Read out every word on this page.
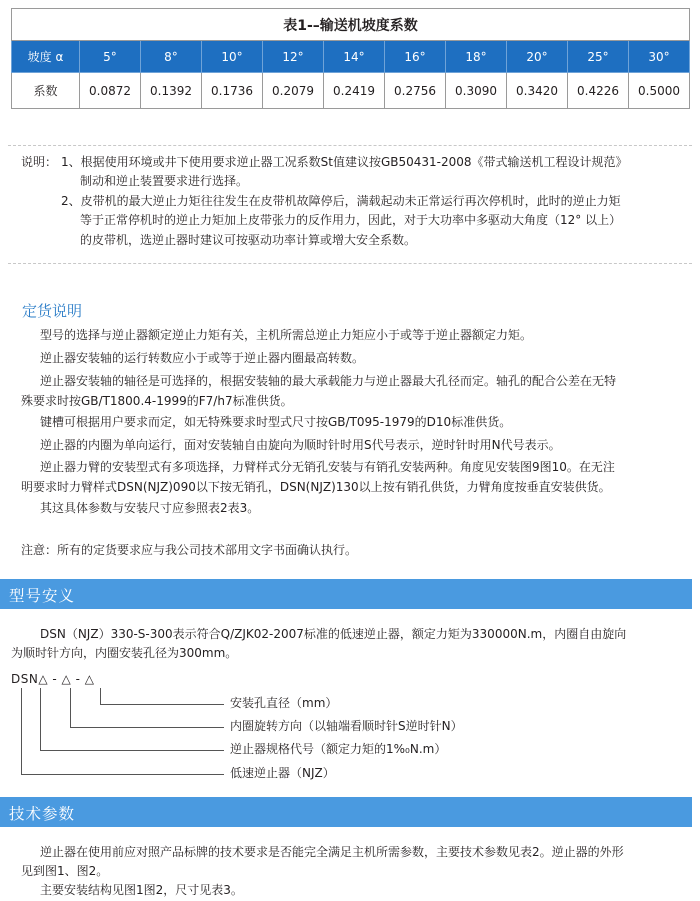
表1-–输送机坡度系数										
坡度 α	5°	8°	10°	12°	14°	16°	18°	20°	25°	30°
系数	0.0872	0.1392	0.1736	0.2079	0.2419	0.2756	0.3090	0.3420	0.4226	0.5000
说明： 1、根据使用环境或井下使用要求逆止器工况系数St值建议按GB50431-2008《带式输送机工程设计规范》
制动和逆止装置要求进行选择。
2、皮带机的最大逆止力矩往往发生在皮带机故障停后，满载起动未正常运行再次停机时，此时的逆止力矩
等于正常停机时的逆止力矩加上皮带张力的反作用力，因此，对于大功率中多驱动大角度（12° 以上）
的皮带机，选逆止器时建议可按驱动功率计算或增大安全系数。
定货说明
型号的选择与逆止器额定逆止力矩有关，主机所需总逆止力矩应小于或等于逆止器额定力矩。
逆止器安装轴的运行转数应小于或等于逆止器内圈最高转数。
逆止器安装轴的轴径是可选择的，根据安装轴的最大承载能力与逆止器最大孔径而定。轴孔的配合公差在无特
殊要求时按GB/T1800.4-1999的F7/h7标准供货。
键槽可根据用户要求而定，如无特殊要求时型式尺寸按GB/T095-1979的D10标准供货。
逆止器的内圈为单向运行，面对安装轴自由旋向为顺时针时用S代号表示，逆时针时用N代号表示。
逆止器力臂的安装型式有多项选择，力臂样式分无销孔安装与有销孔安装两种。角度见安装图9图10。在无注
明要求时力臂样式DSN(NJZ)090以下按无销孔，DSN(NJZ)130以上按有销孔供货，力臂角度按垂直安装供货。
其这具体参数与安装尺寸应参照表2表3。
注意：所有的定货要求应与我公司技术部用文字书面确认执行。
型号安义
DSN（NJZ）330-S-300表示符合Q/ZJK02-2007标准的低速逆止器，额定力矩为330000N.m，内圈自由旋向
为顺时针方向，内圈安装孔径为300mm。
DSN△ - △ - △
安装孔直径（mm）
内圈旋转方向（以轴端看顺时针S逆时针N）
逆止器规格代号（额定力矩的1%₀N.m）
低速逆止器（NJZ）
技术参数
逆止器在使用前应对照产品标牌的技术要求是否能完全满足主机所需参数，主要技术参数见表2。逆止器的外形
见到图1、图2。
主要安装结构见图1图2，尺寸见表3。
